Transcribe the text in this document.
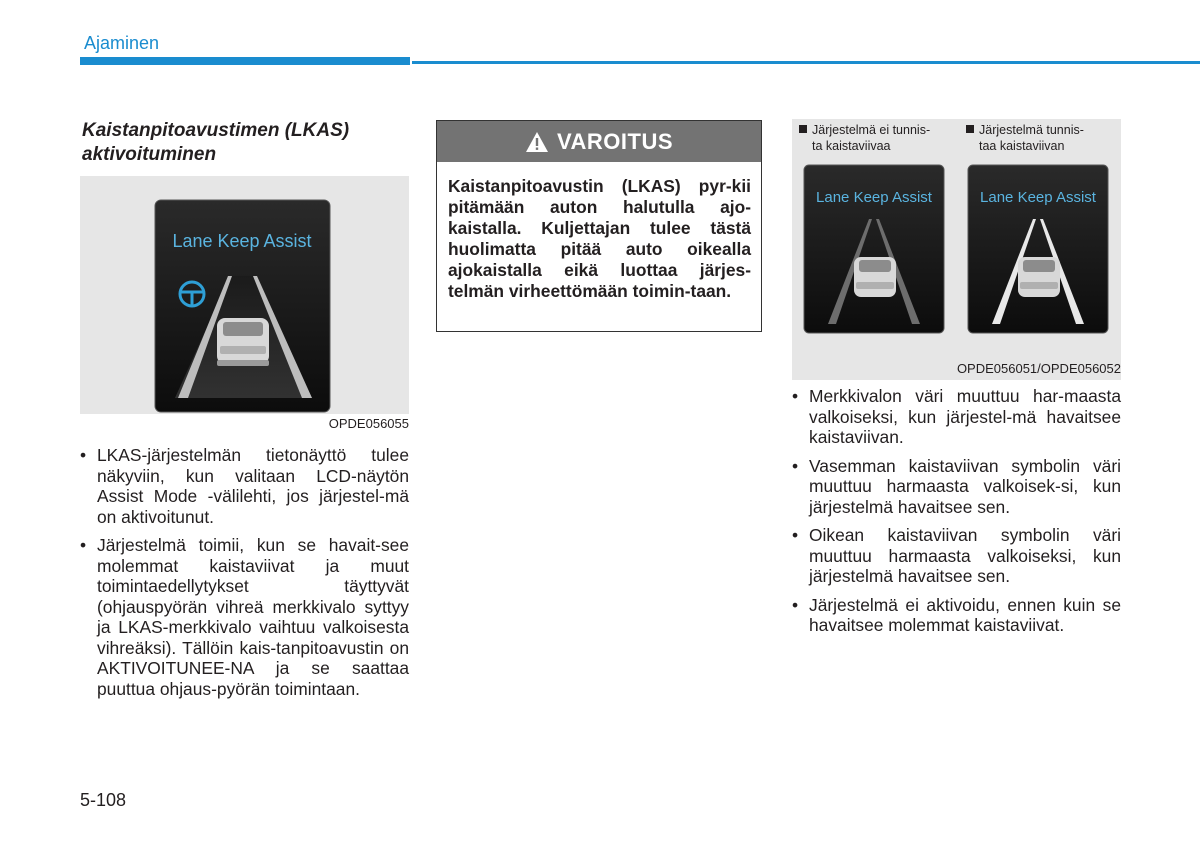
Ajaminen
Kaistanpitoavustimen (LKAS)
aktivoituminen
Lane Keep Assist
OPDE056055
• LKAS-järjestelmän tietonäyttö tulee näkyviin, kun valitaan LCD-näytön Assist Mode -välilehti, jos järjestel-mä on aktivoitunut.
• Järjestelmä toimii, kun se havait-see molemmat kaistaviivat ja muut toimintaedellytykset täyttyvät (ohjauspyörän vihreä merkkivalo syttyy ja LKAS-merkkivalo vaihtuu valkoisesta vihreäksi). Tällöin kais-tanpitoavustin on AKTIVOITUNEE-NA ja se saattaa puuttua ohjaus-pyörän toimintaan.
VAROITUS
Kaistanpitoavustin (LKAS) pyr-kii pitämään auton halutulla ajo-kaistalla. Kuljettajan tulee tästä huolimatta pitää auto oikealla ajokaistalla eikä luottaa järjes-telmän virheettömään toimin-taan.
Järjestelmä ei tunnis-
ta kaistaviivaa
Järjestelmä tunnis-
taa kaistaviivan
Lane Keep Assist	Lane Keep Assist
OPDE056051/OPDE056052
• Merkkivalon väri muuttuu har-maasta valkoiseksi, kun järjestel-mä havaitsee kaistaviivan.
• Vasemman kaistaviivan symbolin väri muuttuu harmaasta valkoisek-si, kun järjestelmä havaitsee sen.
• Oikean kaistaviivan symbolin väri muuttuu harmaasta valkoiseksi, kun järjestelmä havaitsee sen.
• Järjestelmä ei aktivoidu, ennen kuin se havaitsee molemmat kaistaviivat.
5-108
